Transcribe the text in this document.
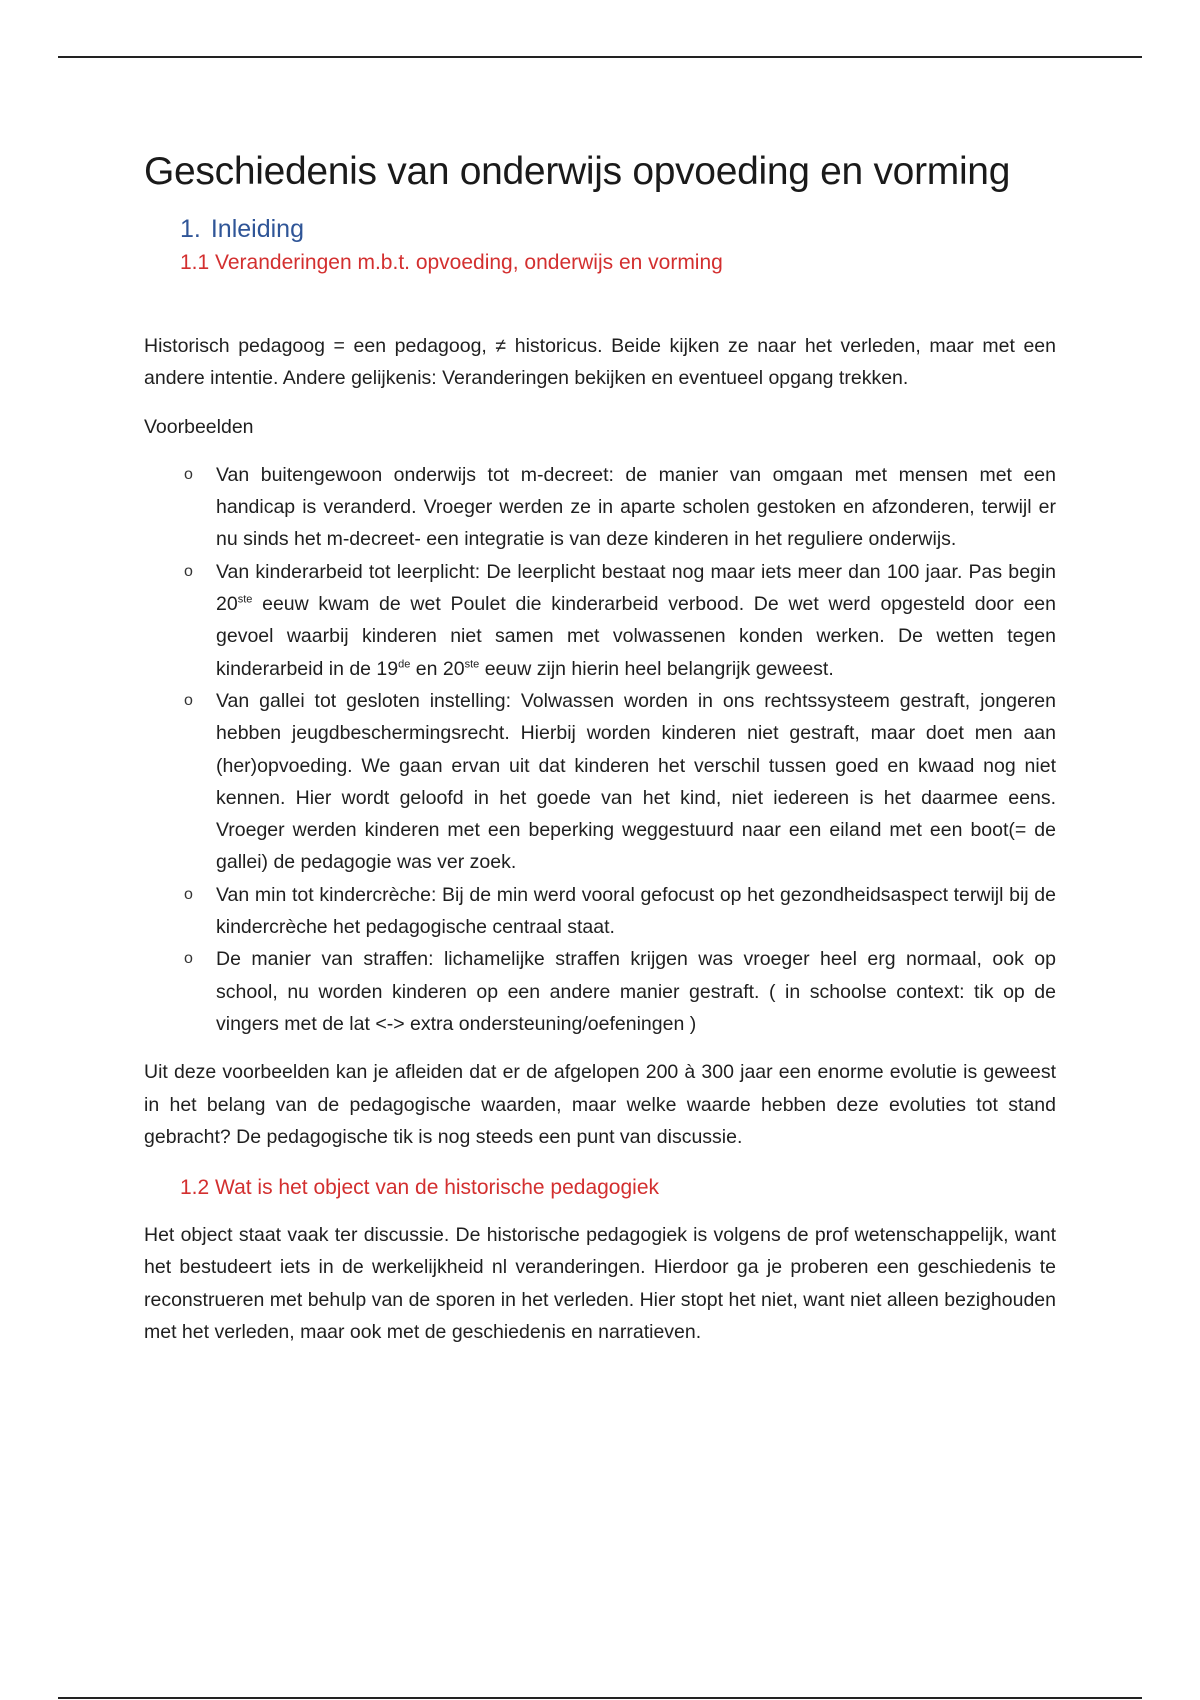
Geschiedenis van onderwijs opvoeding en vorming
1. Inleiding
1.1 Veranderingen m.b.t. opvoeding, onderwijs en vorming

Historisch pedagoog = een pedagoog, ≠ historicus. Beide kijken ze naar het verleden, maar met een andere intentie. Andere gelijkenis: Veranderingen bekijken en eventueel opgang trekken.

Voorbeelden

o Van buitengewoon onderwijs tot m-decreet: de manier van omgaan met mensen met een handicap is veranderd. Vroeger werden ze in aparte scholen gestoken en afzonderen, terwijl er nu sinds het m-decreet- een integratie is van deze kinderen in het reguliere onderwijs.
o Van kinderarbeid tot leerplicht: De leerplicht bestaat nog maar iets meer dan 100 jaar. Pas begin 20ste eeuw kwam de wet Poulet die kinderarbeid verbood. De wet werd opgesteld door een gevoel waarbij kinderen niet samen met volwassenen konden werken. De wetten tegen kinderarbeid in de 19de en 20ste eeuw zijn hierin heel belangrijk geweest.
o Van gallei tot gesloten instelling: Volwassen worden in ons rechtssysteem gestraft, jongeren hebben jeugdbeschermingsrecht. Hierbij worden kinderen niet gestraft, maar doet men aan (her)opvoeding. We gaan ervan uit dat kinderen het verschil tussen goed en kwaad nog niet kennen. Hier wordt geloofd in het goede van het kind, niet iedereen is het daarmee eens. Vroeger werden kinderen met een beperking weggestuurd naar een eiland met een boot(= de gallei) de pedagogie was ver zoek.
o Van min tot kindercrèche: Bij de min werd vooral gefocust op het gezondheidsaspect terwijl bij de kindercrèche het pedagogische centraal staat.
o De manier van straffen: lichamelijke straffen krijgen was vroeger heel erg normaal, ook op school, nu worden kinderen op een andere manier gestraft. ( in schoolse context: tik op de vingers met de lat <-> extra ondersteuning/oefeningen )

Uit deze voorbeelden kan je afleiden dat er de afgelopen 200 à 300 jaar een enorme evolutie is geweest in het belang van de pedagogische waarden, maar welke waarde hebben deze evoluties tot stand gebracht? De pedagogische tik is nog steeds een punt van discussie.

1.2 Wat is het object van de historische pedagogiek

Het object staat vaak ter discussie. De historische pedagogiek is volgens de prof wetenschappelijk, want het bestudeert iets in de werkelijkheid nl veranderingen. Hierdoor ga je proberen een geschiedenis te reconstrueren met behulp van de sporen in het verleden. Hier stopt het niet, want niet alleen bezighouden met het verleden, maar ook met de geschiedenis en narratieven.
